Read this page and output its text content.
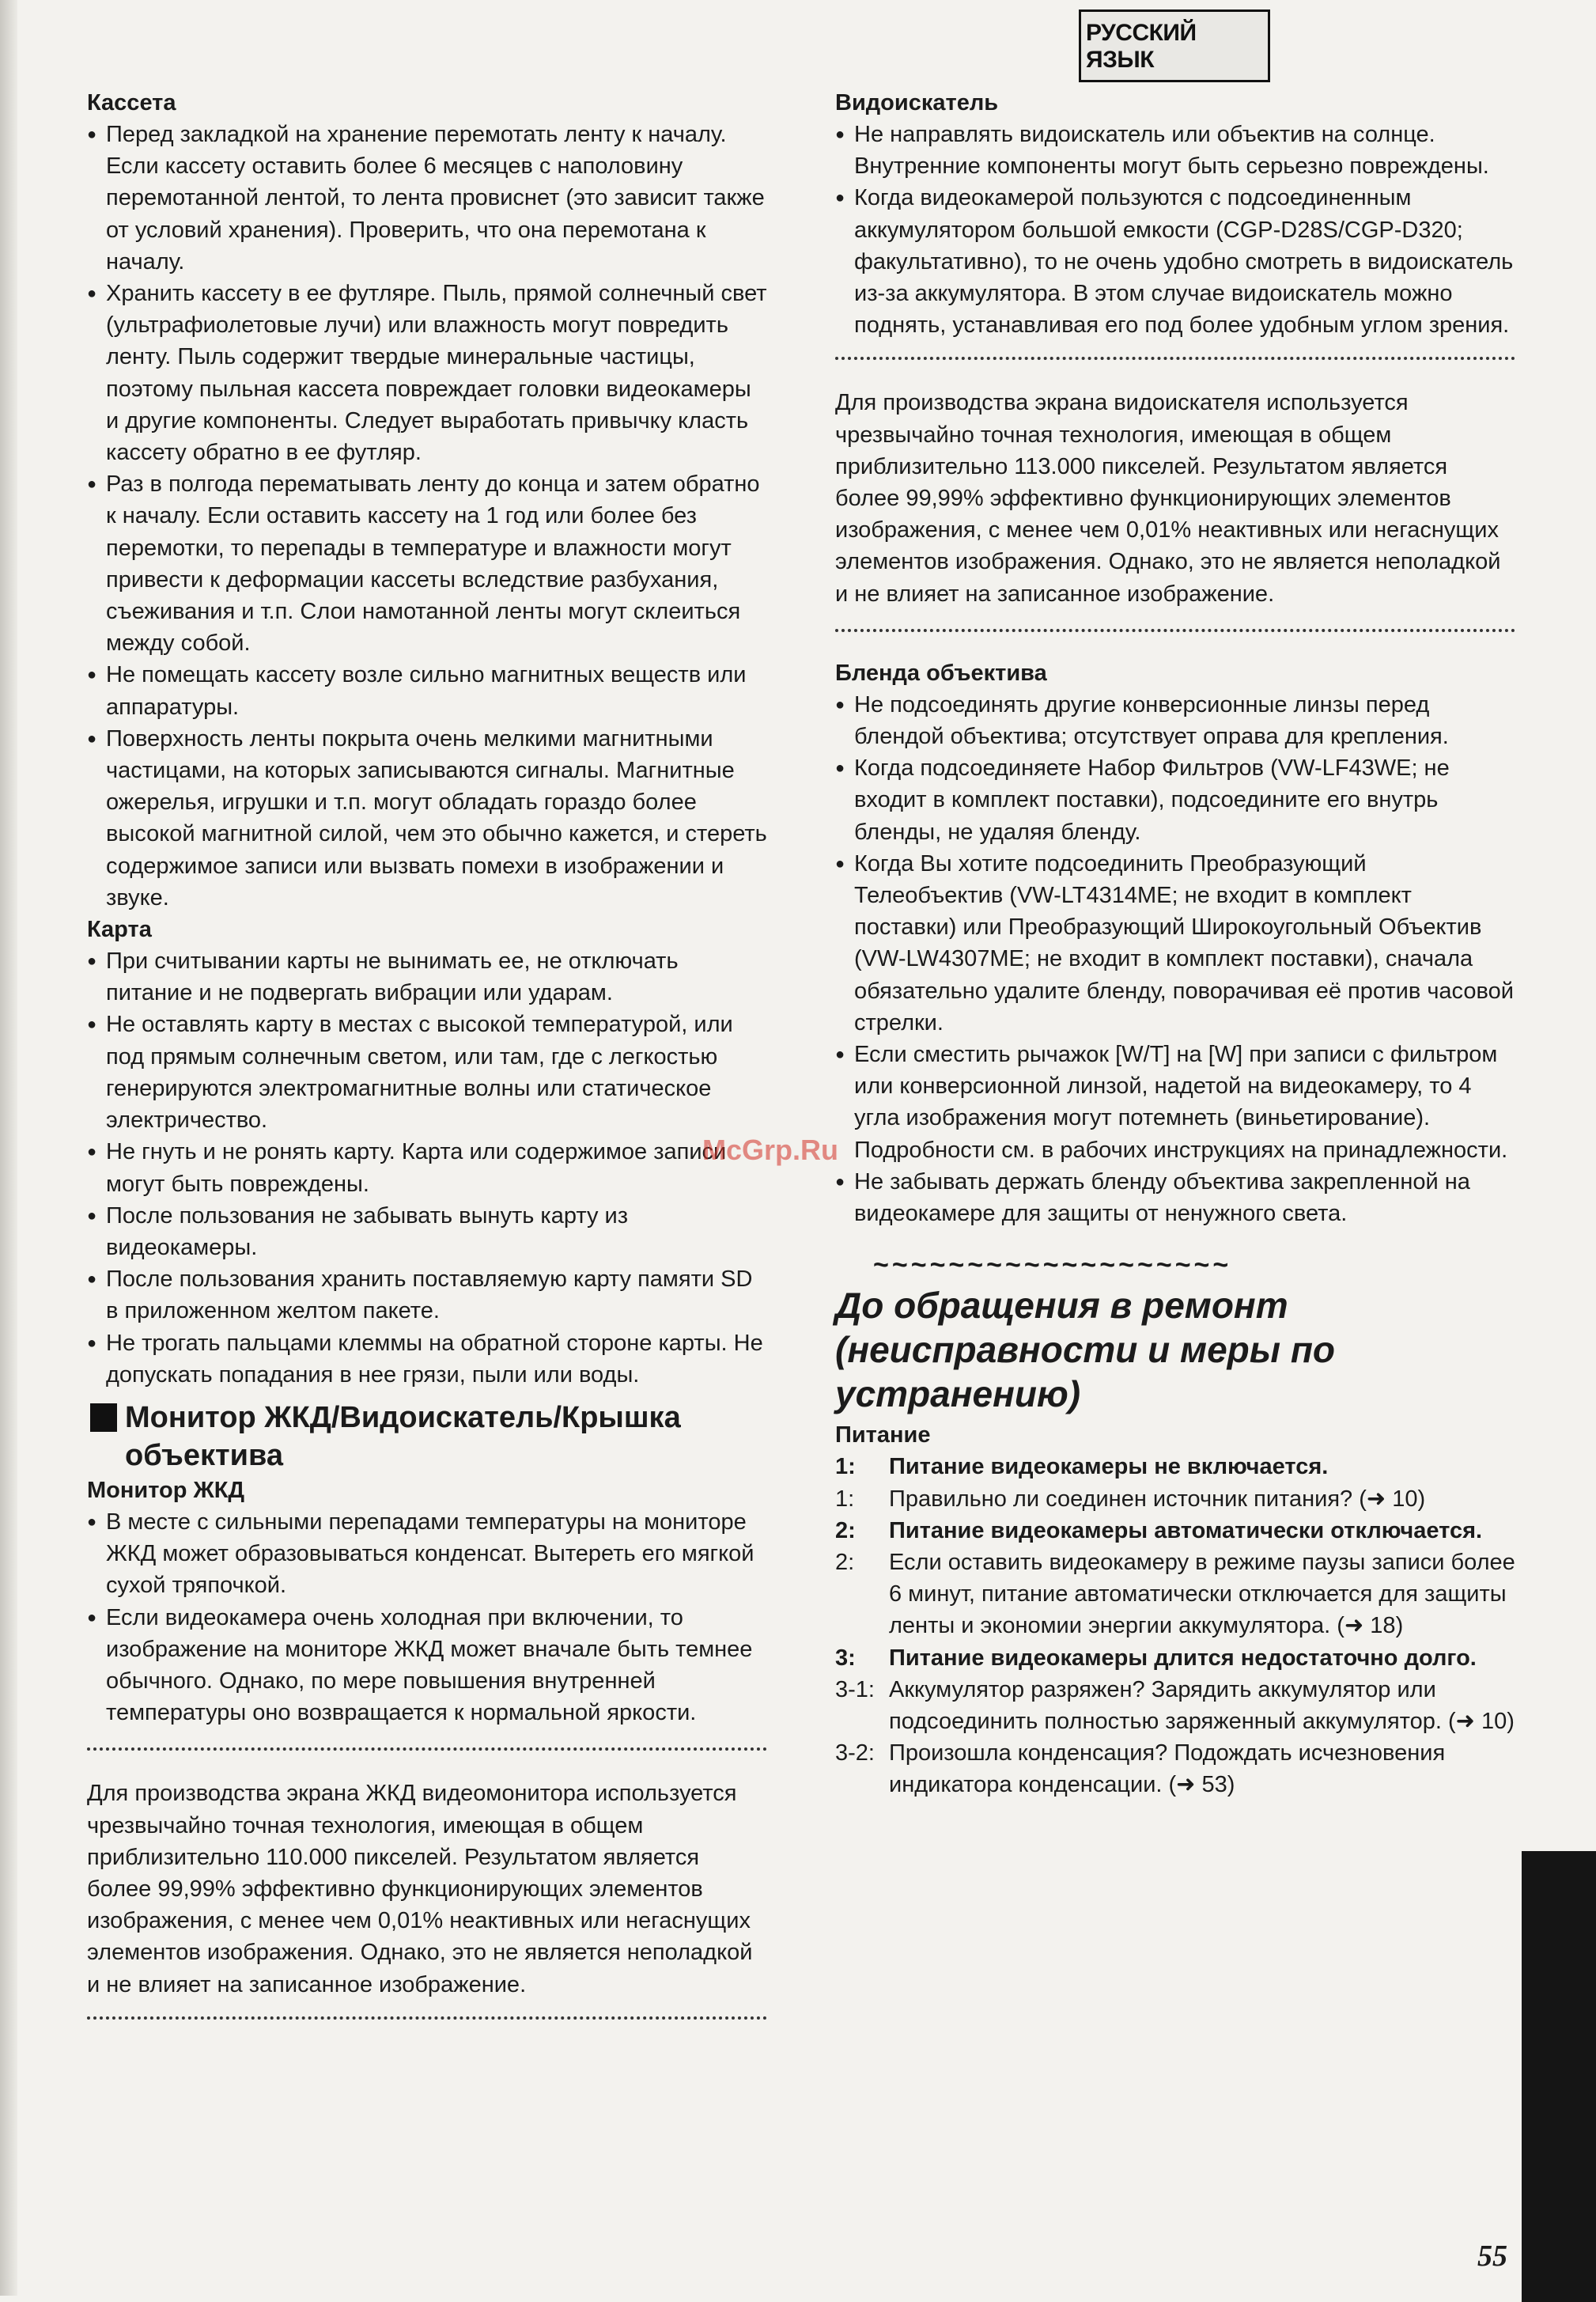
РУССКИЙ ЯЗЫК
Кассета
● Перед закладкой на хранение перемотать ленту к началу. Если кассету оставить более 6 месяцев с наполовину перемотанной лентой, то лента провиснет (это зависит также от условий хранения). Проверить, что она перемотана к началу.
● Хранить кассету в ее футляре. Пыль, прямой солнечный свет (ультрафиолетовые лучи) или влажность могут повредить ленту. Пыль содержит твердые минеральные частицы, поэтому пыльная кассета повреждает головки видеокамеры и другие компоненты. Следует выработать привычку класть кассету обратно в ее футляр.
● Раз в полгода перематывать ленту до конца и затем обратно к началу. Если оставить кассету на 1 год или более без перемотки, то перепады в температуре и влажности могут привести к деформации кассеты вследствие разбухания, съеживания и т.п. Слои намотанной ленты могут склеиться между собой.
● Не помещать кассету возле сильно магнитных веществ или аппаратуры.
● Поверхность ленты покрыта очень мелкими магнитными частицами, на которых записываются сигналы. Магнитные ожерелья, игрушки и т.п. могут обладать гораздо более высокой магнитной силой, чем это обычно кажется, и стереть содержимое записи или вызвать помехи в изображении и звуке.
Карта
● При считывании карты не вынимать ее, не отключать питание и не подвергать вибрации или ударам.
● Не оставлять карту в местах с высокой температурой, или под прямым солнечным светом, или там, где с легкостью генерируются электромагнитные волны или статическое электричество.
● Не гнуть и не ронять карту. Карта или содержимое записи могут быть повреждены.
● После пользования не забывать вынуть карту из видеокамеры.
● После пользования хранить поставляемую карту памяти SD в приложенном желтом пакете.
● Не трогать пальцами клеммы на обратной стороне карты. Не допускать попадания в нее грязи, пыли или воды.
Монитор ЖКД/Видоискатель/Крышка объектива
Монитор ЖКД
● В месте с сильными перепадами температуры на мониторе ЖКД может образовываться конденсат. Вытереть его мягкой сухой тряпочкой.
● Если видеокамера очень холодная при включении, то изображение на мониторе ЖКД может вначале быть темнее обычного. Однако, по мере повышения внутренней температуры оно возвращается к нормальной яркости.

Для производства экрана ЖКД видеомонитора используется чрезвычайно точная технология, имеющая в общем приблизительно 110.000 пикселей. Результатом является более 99,99% эффективно функционирующих элементов изображения, с менее чем 0,01% неактивных или негаснущих элементов изображения. Однако, это не является неполадкой и не влияет на записанное изображение.

Видоискатель
● Не направлять видоискатель или объектив на солнце. Внутренние компоненты могут быть серьезно повреждены.
● Когда видеокамерой пользуются с подсоединенным аккумулятором большой емкости (CGP-D28S/CGP-D320; факультативно), то не очень удобно смотреть в видоискатель из-за аккумулятора. В этом случае видоискатель можно поднять, устанавливая его под более удобным углом зрения.

Для производства экрана видоискателя используется чрезвычайно точная технология, имеющая в общем приблизительно 113.000 пикселей. Результатом является более 99,99% эффективно функционирующих элементов изображения, с менее чем 0,01% неактивных или негаснущих элементов изображения. Однако, это не является неполадкой и не влияет на записанное изображение.

Бленда объектива
● Не подсоединять другие конверсионные линзы перед блендой объектива; отсутствует оправа для крепления.
● Когда подсоединяете Набор Фильтров (VW-LF43WE; не входит в комплект поставки), подсоедините его внутрь бленды, не удаляя бленду.
● Когда Вы хотите подсоединить Преобразующий Телеобъектив (VW-LT4314ME; не входит в комплект поставки) или Преобразующий Широкоугольный Объектив (VW-LW4307ME; не входит в комплект поставки), сначала обязательно удалите бленду, поворачивая её против часовой стрелки.
● Если сместить рычажок [W/T] на [W] при записи с фильтром или конверсионной линзой, надетой на видеокамеру, то 4 угла изображения могут потемнеть (виньетирование). Подробности см. в рабочих инструкциях на принадлежности.
● Не забывать держать бленду объектива закрепленной на видеокамере для защиты от ненужного света.

~~~~~~~~~~~~~~~~~~~

До обращения в ремонт (неисправности и меры по устранению)
Питание
1: Питание видеокамеры не включается.
1: Правильно ли соединен источник питания? (➜ 10)
2: Питание видеокамеры автоматически отключается.
2: Если оставить видеокамеру в режиме паузы записи более 6 минут, питание автоматически отключается для защиты ленты и экономии энергии аккумулятора. (➜ 18)
3: Питание видеокамеры длится недостаточно долго.
3-1: Аккумулятор разряжен? Зарядить аккумулятор или подсоединить полностью заряженный аккумулятор. (➜ 10)
3-2: Произошла конденсация? Подождать исчезновения индикатора конденсации. (➜ 53)
McGrp.Ru
55
